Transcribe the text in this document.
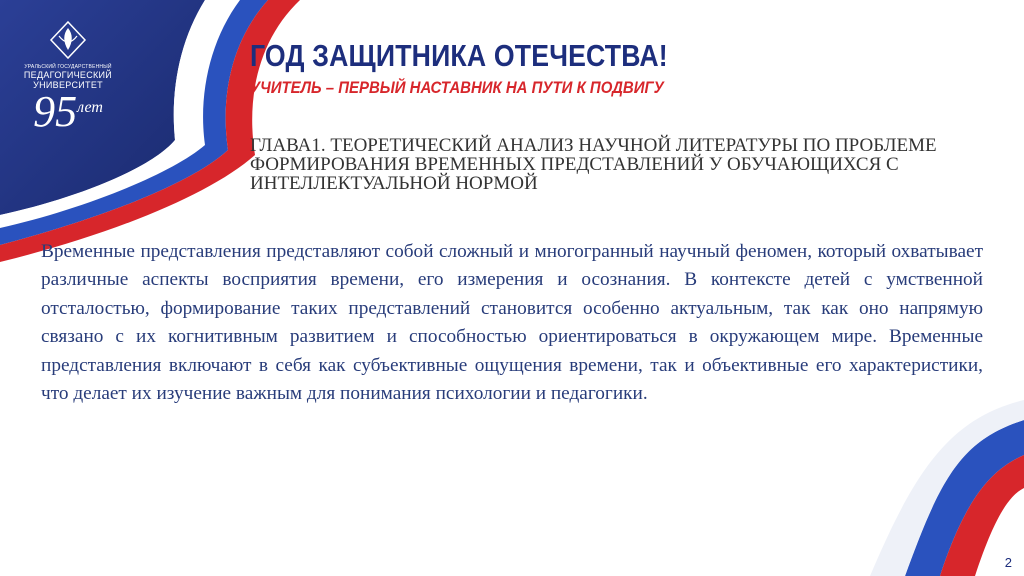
УРАЛЬСКИЙ ГОСУДАРСТВЕННЫЙ
ПЕДАГОГИЧЕСКИЙ
УНИВЕРСИТЕТ
$95^{лет}$
ГОД ЗАЩИТНИКА ОТЕЧЕСТВА!
УЧИТЕЛЬ – ПЕРВЫЙ НАСТАВНИК НА ПУТИ К ПОДВИГУ

ГЛАВА1. ТЕОРЕТИЧЕСКИЙ АНАЛИЗ НАУЧНОЙ ЛИТЕРАТУРЫ ПО ПРОБЛЕМЕ ФОРМИРОВАНИЯ ВРЕМЕННЫХ ПРЕДСТАВЛЕНИЙ У ОБУЧАЮЩИХСЯ С ИНТЕЛЛЕКТУАЛЬНОЙ НОРМОЙ

Временные представления представляют собой сложный и многогранный научный феномен, который охватывает различные аспекты восприятия времени, его измерения и осознания. В контексте детей с умственной отсталостью, формирование таких представлений становится особенно актуальным, так как оно напрямую связано с их когнитивным развитием и способностью ориентироваться в окружающем мире. Временные представления включают в себя как субъективные ощущения времени, так и объективные его характеристики, что делает их изучение важным для понимания психологии и педагогики.

2
